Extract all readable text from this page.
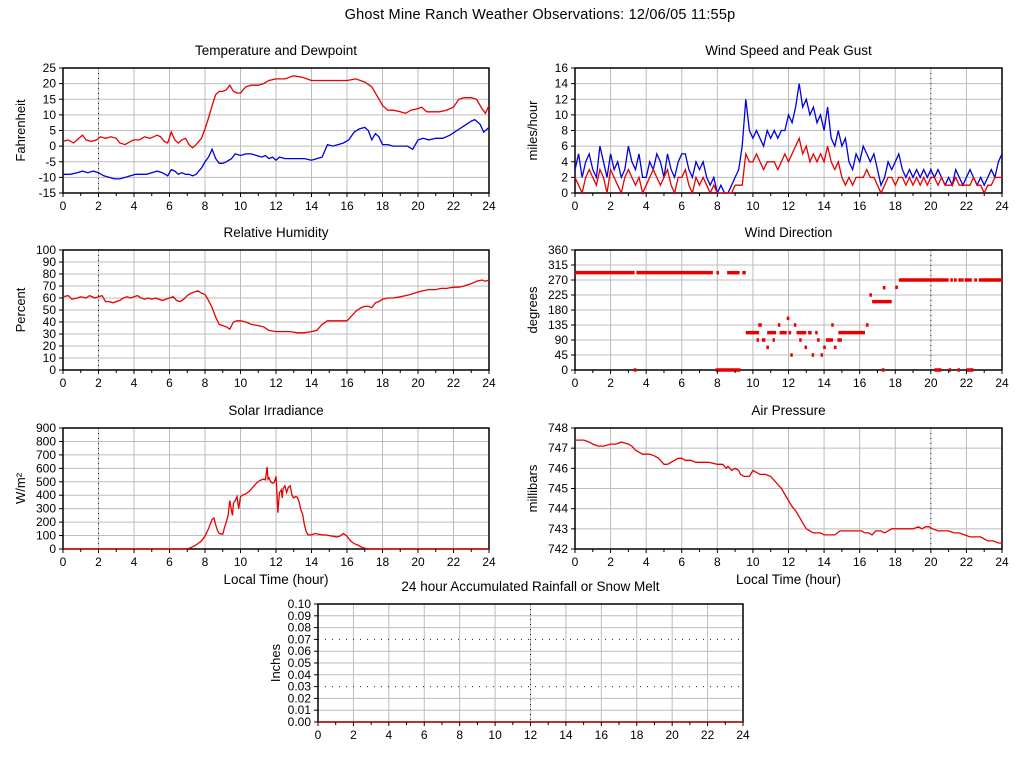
Ghost Mine Ranch Weather Observations: 12/06/05 11:55p
Temperature and Dewpoint
0 2 4 6 8 10 12 14 16 18 20 22 24
-15
-10
-5
0
5
10
15
20
25
Fahrenheit
Wind Speed and Peak Gust
0 2 4 6 8 10 12 14 16 18 20 22 24
0
2
4
6
8
10
12
14
16
miles/hour
Relative Humidity
0 2 4 6 8 10 12 14 16 18 20 22 24
0
10
20
30
40
50
60
70
80
90
100
Percent
Wind Direction
0 2 4 6 8 10 12 14 16 18 20 22 24
0
45
90
135
180
225
270
315
360
degrees
Solar Irradiance
0 2 4 6 8 10 12 14 16 18 20 22 24
0
100
200
300
400
500
600
700
800
900
W/m²
Local Time (hour)
Air Pressure
0 2 4 6 8 10 12 14 16 18 20 22 24
742
743
744
745
746
747
748
millibars
Local Time (hour)
24 hour Accumulated Rainfall or Snow Melt
0 2 4 6 8 10 12 14 16 18 20 22 24
0.00
0.01
0.02
0.03
0.04
0.05
0.06
0.07
0.08
0.09
0.10
Inches
